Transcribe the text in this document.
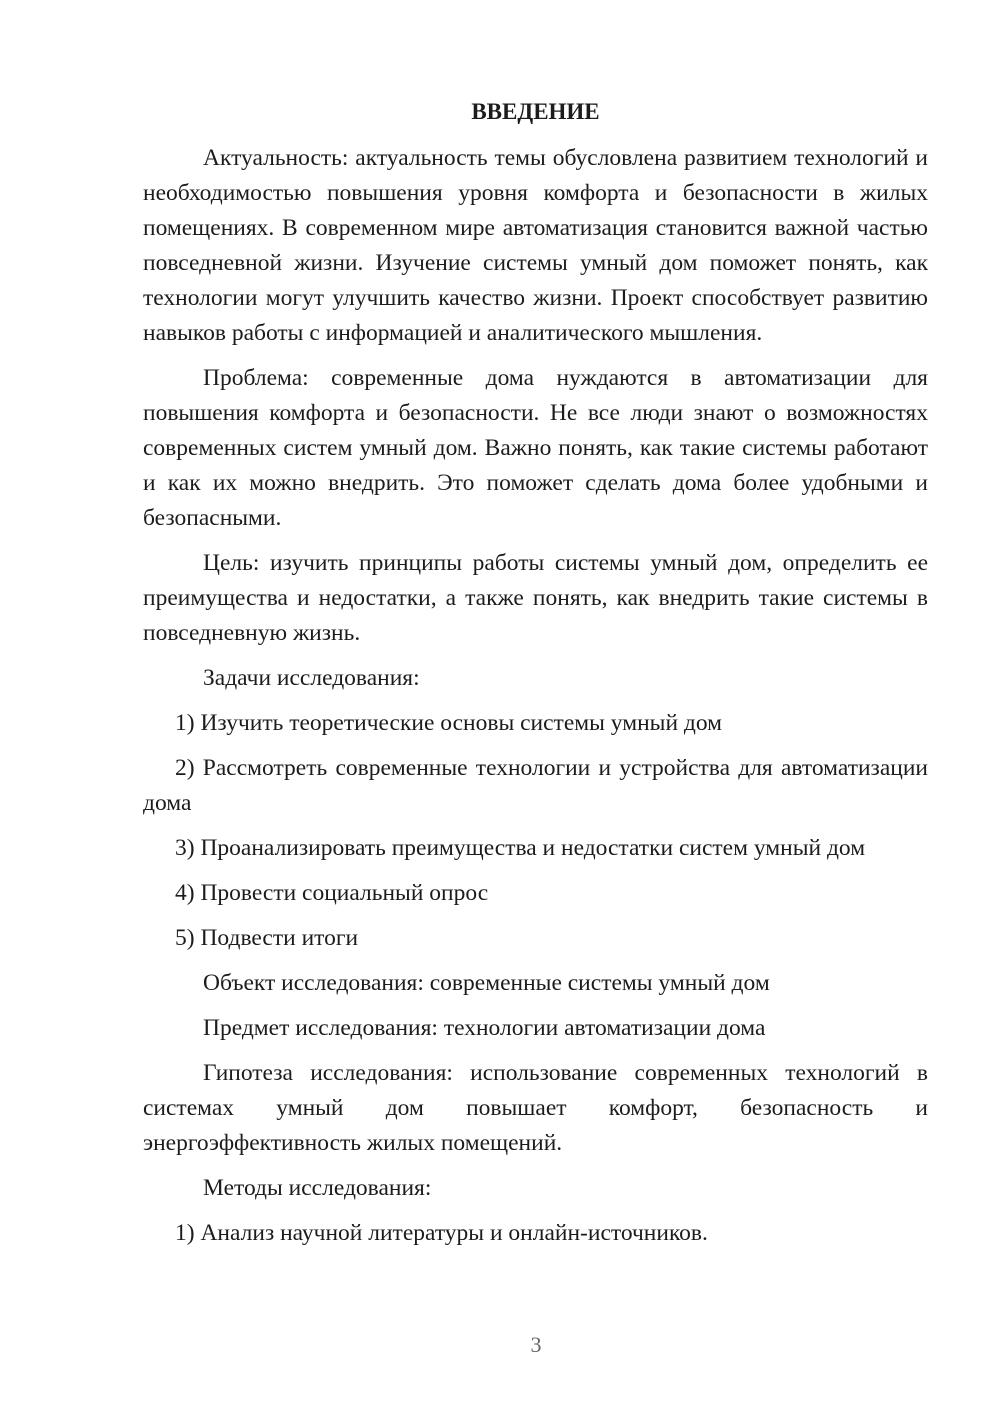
ВВЕДЕНИЕ

Актуальность: актуальность темы обусловлена развитием технологий и необходимостью повышения уровня комфорта и безопасности в жилых помещениях. В современном мире автоматизация становится важной частью повседневной жизни. Изучение системы умный дом поможет понять, как технологии могут улучшить качество жизни. Проект способствует развитию навыков работы с информацией и аналитического мышления.

Проблема: современные дома нуждаются в автоматизации для повышения комфорта и безопасности. Не все люди знают о возможностях современных систем умный дом. Важно понять, как такие системы работают и как их можно внедрить. Это поможет сделать дома более удобными и безопасными.

Цель: изучить принципы работы системы умный дом, определить ее преимущества и недостатки, а также понять, как внедрить такие системы в повседневную жизнь.

Задачи исследования:

1) Изучить теоретические основы системы умный дом

2) Рассмотреть современные технологии и устройства для автоматизации дома

3) Проанализировать преимущества и недостатки систем умный дом

4) Провести социальный опрос

5) Подвести итоги

Объект исследования: современные системы умный дом

Предмет исследования: технологии автоматизации дома

Гипотеза исследования: использование современных технологий в системах умный дом повышает комфорт, безопасность и энергоэффективность жилых помещений.

Методы исследования:

1) Анализ научной литературы и онлайн-источников.

3
